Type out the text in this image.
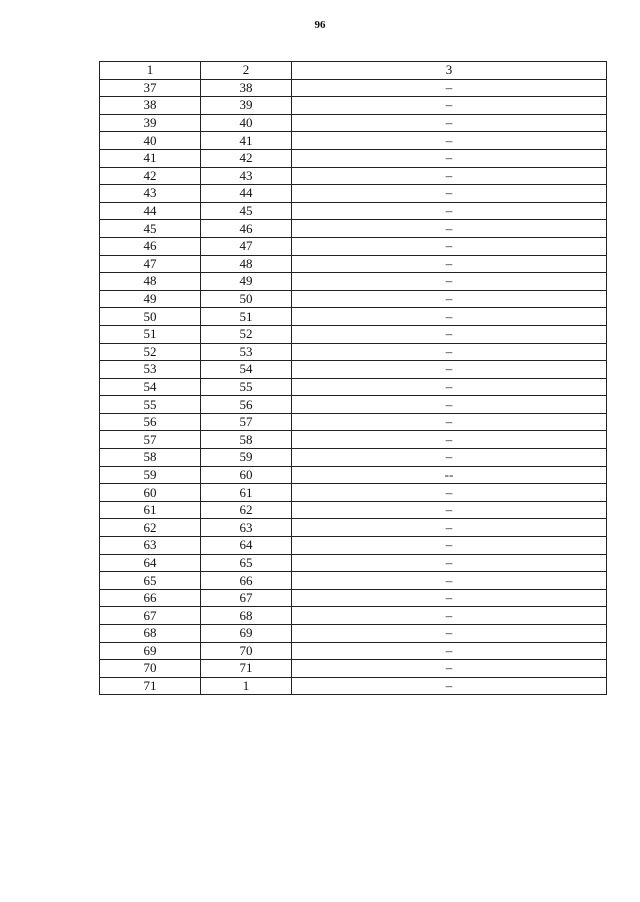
96
1	2	3
37	38	–
38	39	–
39	40	–
40	41	–
41	42	–
42	43	–
43	44	–
44	45	–
45	46	–
46	47	–
47	48	–
48	49	–
49	50	–
50	51	–
51	52	–
52	53	–
53	54	–
54	55	–
55	56	–
56	57	–
57	58	–
58	59	–
59	60	--
60	61	–
61	62	–
62	63	–
63	64	–
64	65	–
65	66	–
66	67	–
67	68	–
68	69	–
69	70	–
70	71	–
71	1	–
